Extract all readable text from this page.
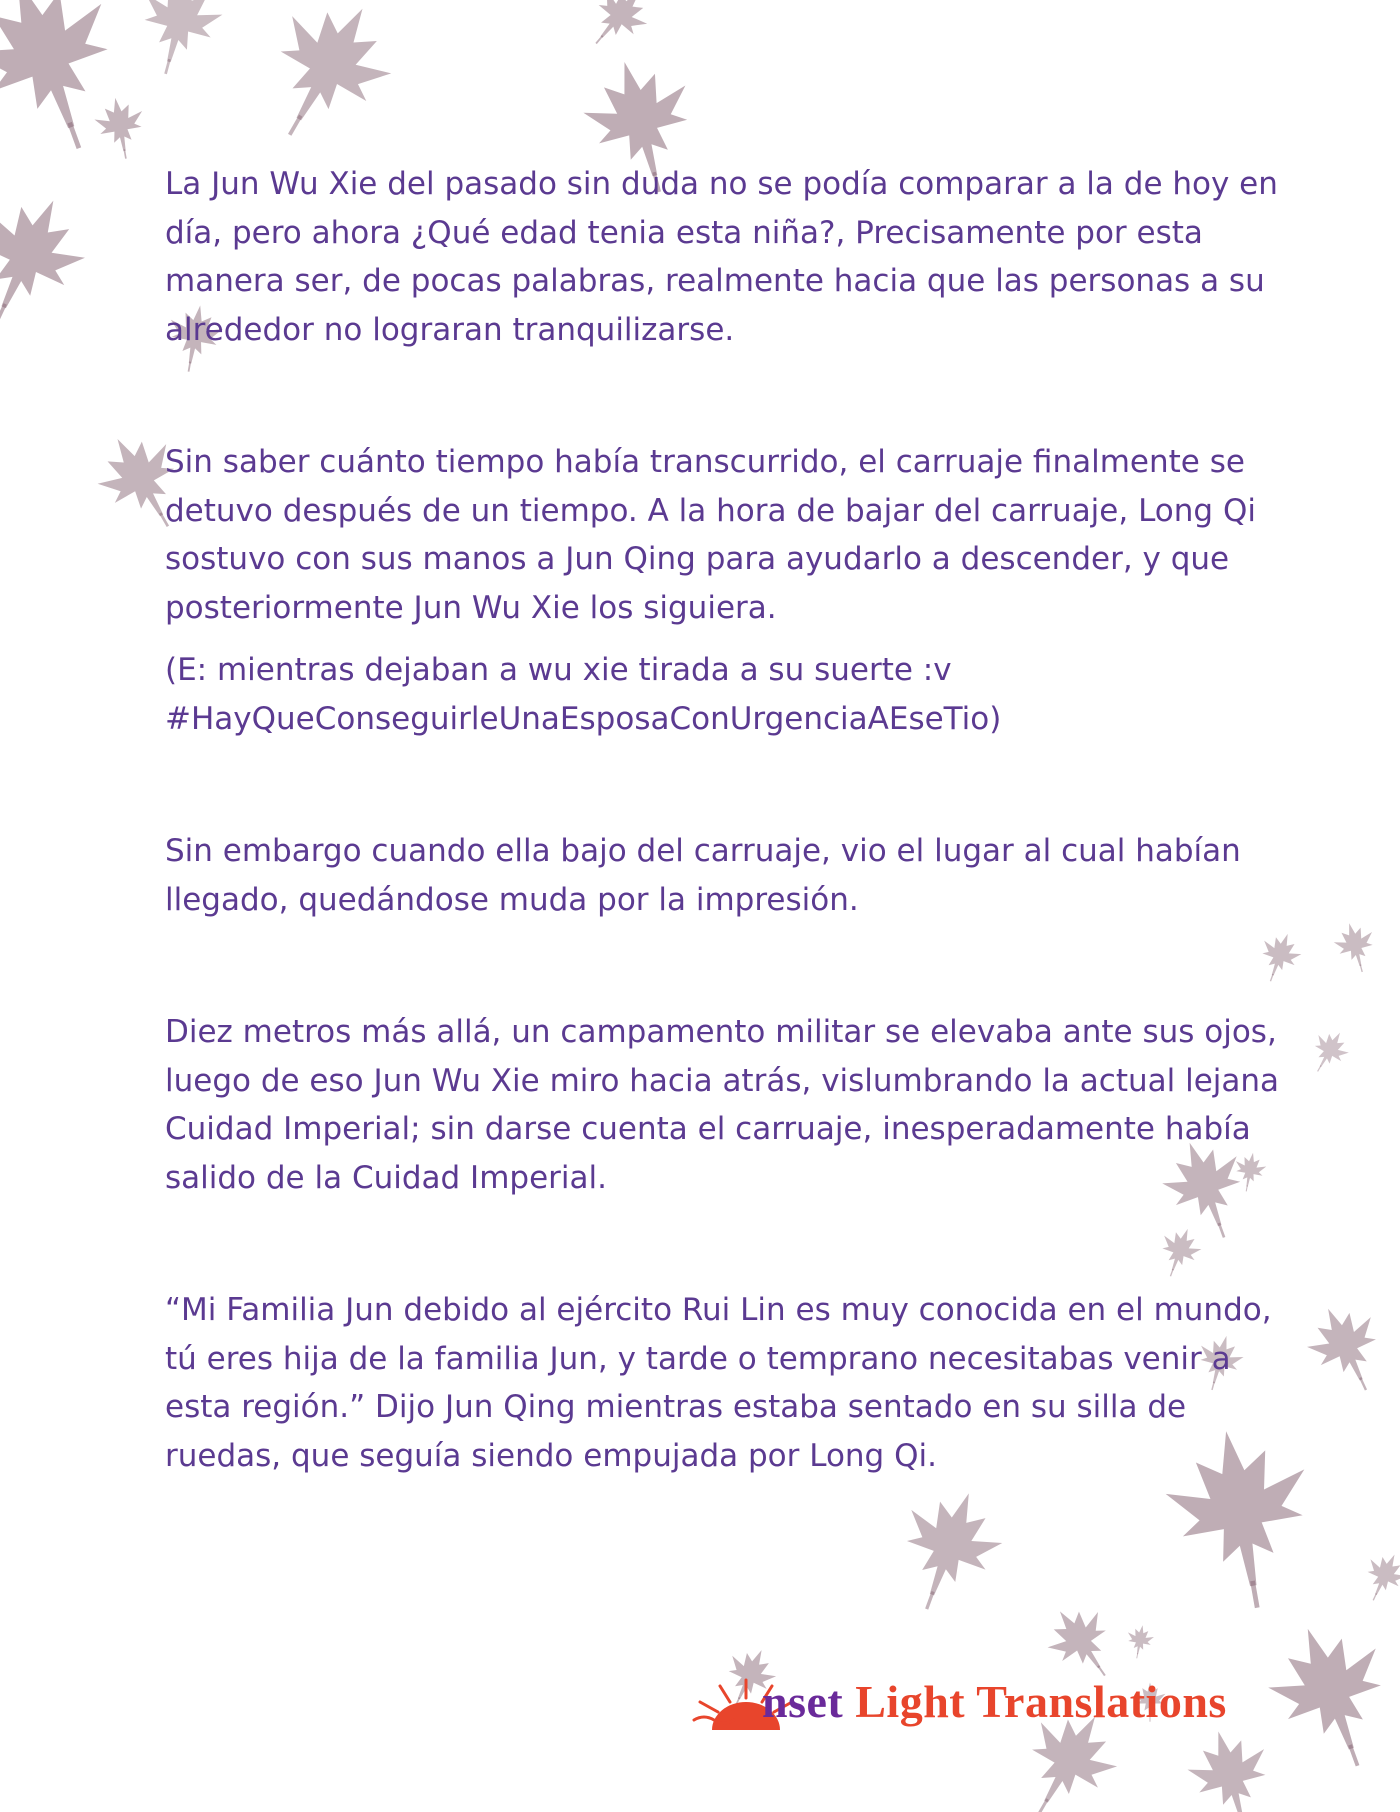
La Jun Wu Xie del pasado sin duda no se podía comparar a la de hoy en día, pero ahora ¿Qué edad tenia esta niña?, Precisamente por esta manera ser, de pocas palabras, realmente hacia que las personas a su alrededor no lograran tranquilizarse.

Sin saber cuánto tiempo había transcurrido, el carruaje finalmente se detuvo después de un tiempo. A la hora de bajar del carruaje, Long Qi sostuvo con sus manos a Jun Qing para ayudarlo a descender, y que posteriormente Jun Wu Xie los siguiera.

(E: mientras dejaban a wu xie tirada a su suerte :v

#HayQueConseguirleUnaEsposaConUrgenciaAEseTio)

Sin embargo cuando ella bajo del carruaje, vio el lugar al cual habían llegado, quedándose muda por la impresión.

Diez metros más allá, un campamento militar se elevaba ante sus ojos, luego de eso Jun Wu Xie miro hacia atrás, vislumbrando la actual lejana Cuidad Imperial; sin darse cuenta el carruaje, inesperadamente había salido de la Cuidad Imperial.

“Mi Familia Jun debido al ejército Rui Lin es muy conocida en el mundo, tú eres hija de la familia Jun, y tarde o temprano necesitabas venir a esta región.” Dijo Jun Qing mientras estaba sentado en su silla de ruedas, que seguía siendo empujada por Long Qi.

nset Light Translations
